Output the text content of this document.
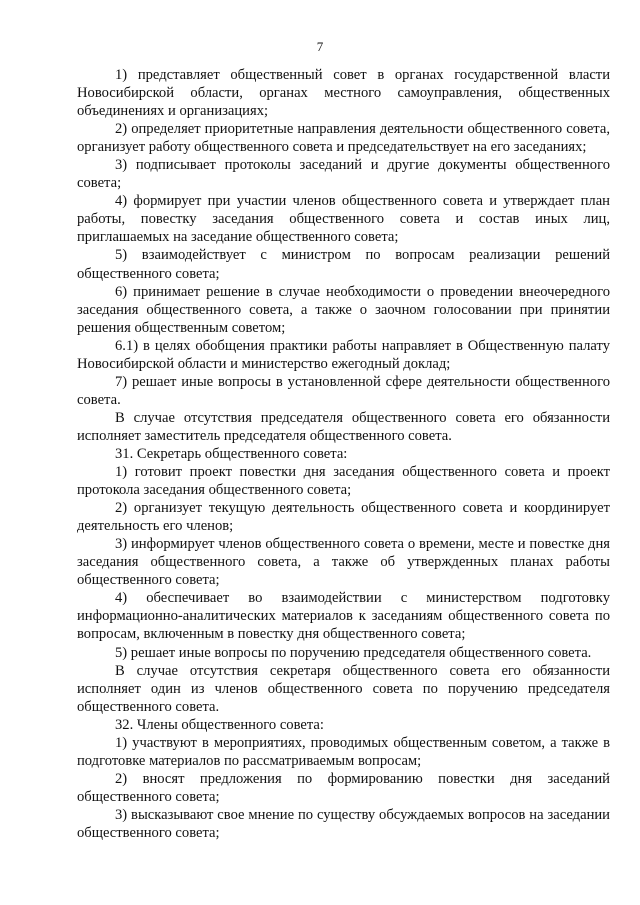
7

1) представляет общественный совет в органах государственной власти Новосибирской области, органах местного самоуправления, общественных объединениях и организациях;

2) определяет приоритетные направления деятельности общественного совета, организует работу общественного совета и председательствует на его заседаниях;

3) подписывает протоколы заседаний и другие документы общественного совета;

4) формирует при участии членов общественного совета и утверждает план работы, повестку заседания общественного совета и состав иных лиц, приглашаемых на заседание общественного совета;

5) взаимодействует с министром по вопросам реализации решений общественного совета;

6) принимает решение в случае необходимости о проведении внеочередного заседания общественного совета, а также о заочном голосовании при принятии решения общественным советом;

6.1) в целях обобщения практики работы направляет в Общественную палату Новосибирской области и министерство ежегодный доклад;

7) решает иные вопросы в установленной сфере деятельности общественного совета.

В случае отсутствия председателя общественного совета его обязанности исполняет заместитель председателя общественного совета.

31. Секретарь общественного совета:

1) готовит проект повестки дня заседания общественного совета и проект протокола заседания общественного совета;

2) организует текущую деятельность общественного совета и координирует деятельность его членов;

3) информирует членов общественного совета о времени, месте и повестке дня заседания общественного совета, а также об утвержденных планах работы общественного совета;

4) обеспечивает во взаимодействии с министерством подготовку информационно-аналитических материалов к заседаниям общественного совета по вопросам, включенным в повестку дня общественного совета;

5) решает иные вопросы по поручению председателя общественного совета.

В случае отсутствия секретаря общественного совета его обязанности исполняет один из членов общественного совета по поручению председателя общественного совета.

32. Члены общественного совета:

1) участвуют в мероприятиях, проводимых общественным советом, а также в подготовке материалов по рассматриваемым вопросам;

2) вносят предложения по формированию повестки дня заседаний общественного совета;

3) высказывают свое мнение по существу обсуждаемых вопросов на заседании общественного совета;
